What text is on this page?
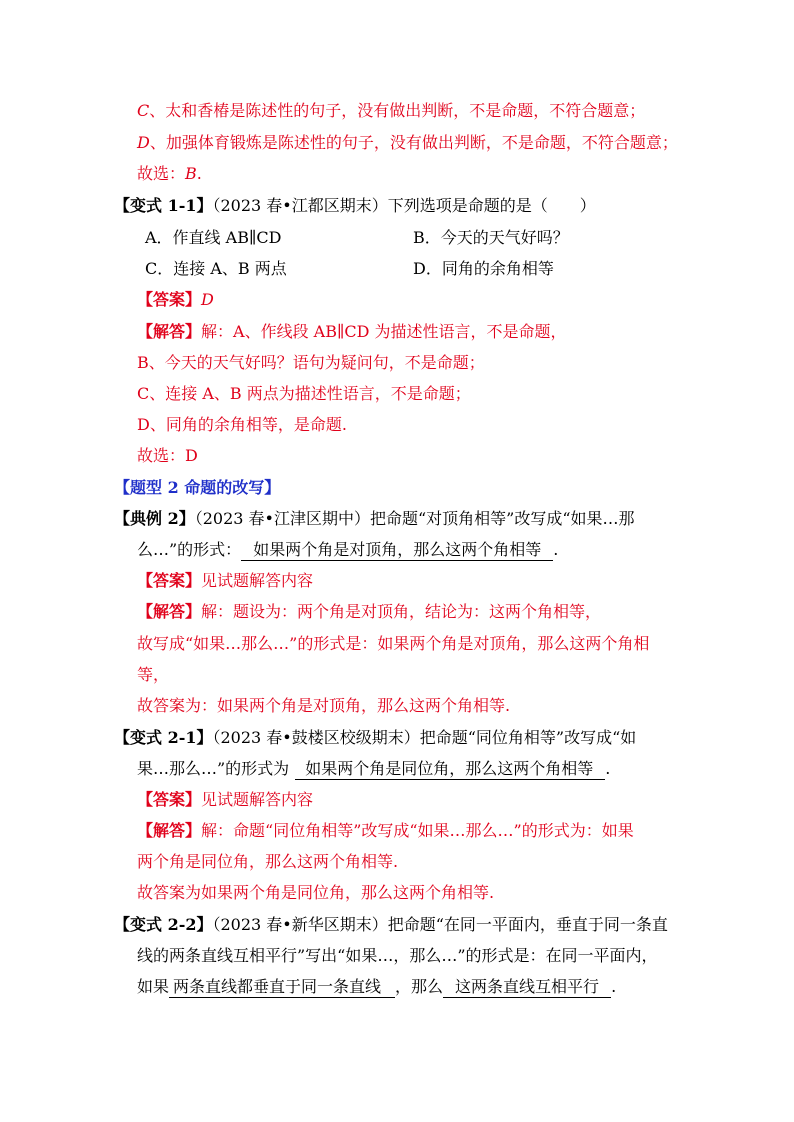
C、太和香椿是陈述性的句子，没有做出判断，不是命题，不符合题意；
D、加强体育锻炼是陈述性的句子，没有做出判断，不是命题，不符合题意；
故选：B.
【变式 1-1】（2023 春•江都区期末）下列选项是命题的是（　　）
A．作直线 AB∥CD	B．今天的天气好吗？
C．连接 A、B 两点	D．同角的余角相等
【答案】D
【解答】解：A、作线段 AB∥CD 为描述性语言，不是命题，
B、今天的天气好吗？语句为疑问句，不是命题；
C、连接 A、B 两点为描述性语言，不是命题；
D、同角的余角相等，是命题.
故选：D
【题型 2 命题的改写】
【典例 2】（2023 春•江津区期中）把命题“对顶角相等”改写成“如果…那
么…”的形式： 如果两个角是对顶角，那么这两个角相等 .
【答案】见试题解答内容
【解答】解：题设为：两个角是对顶角，结论为：这两个角相等，
故写成“如果…那么…”的形式是：如果两个角是对顶角，那么这两个角相
等，
故答案为：如果两个角是对顶角，那么这两个角相等.
【变式 2-1】（2023 春•鼓楼区校级期末）把命题“同位角相等”改写成“如
果…那么…”的形式为 如果两个角是同位角，那么这两个角相等 .
【答案】见试题解答内容
【解答】解：命题“同位角相等”改写成“如果…那么…”的形式为：如果
两个角是同位角，那么这两个角相等.
故答案为如果两个角是同位角，那么这两个角相等.
【变式 2-2】（2023 春•新华区期末）把命题“在同一平面内，垂直于同一条直
线的两条直线互相平行”写出“如果…，那么…”的形式是：在同一平面内，
如果 两条直线都垂直于同一条直线 ，那么 这两条直线互相平行 .
